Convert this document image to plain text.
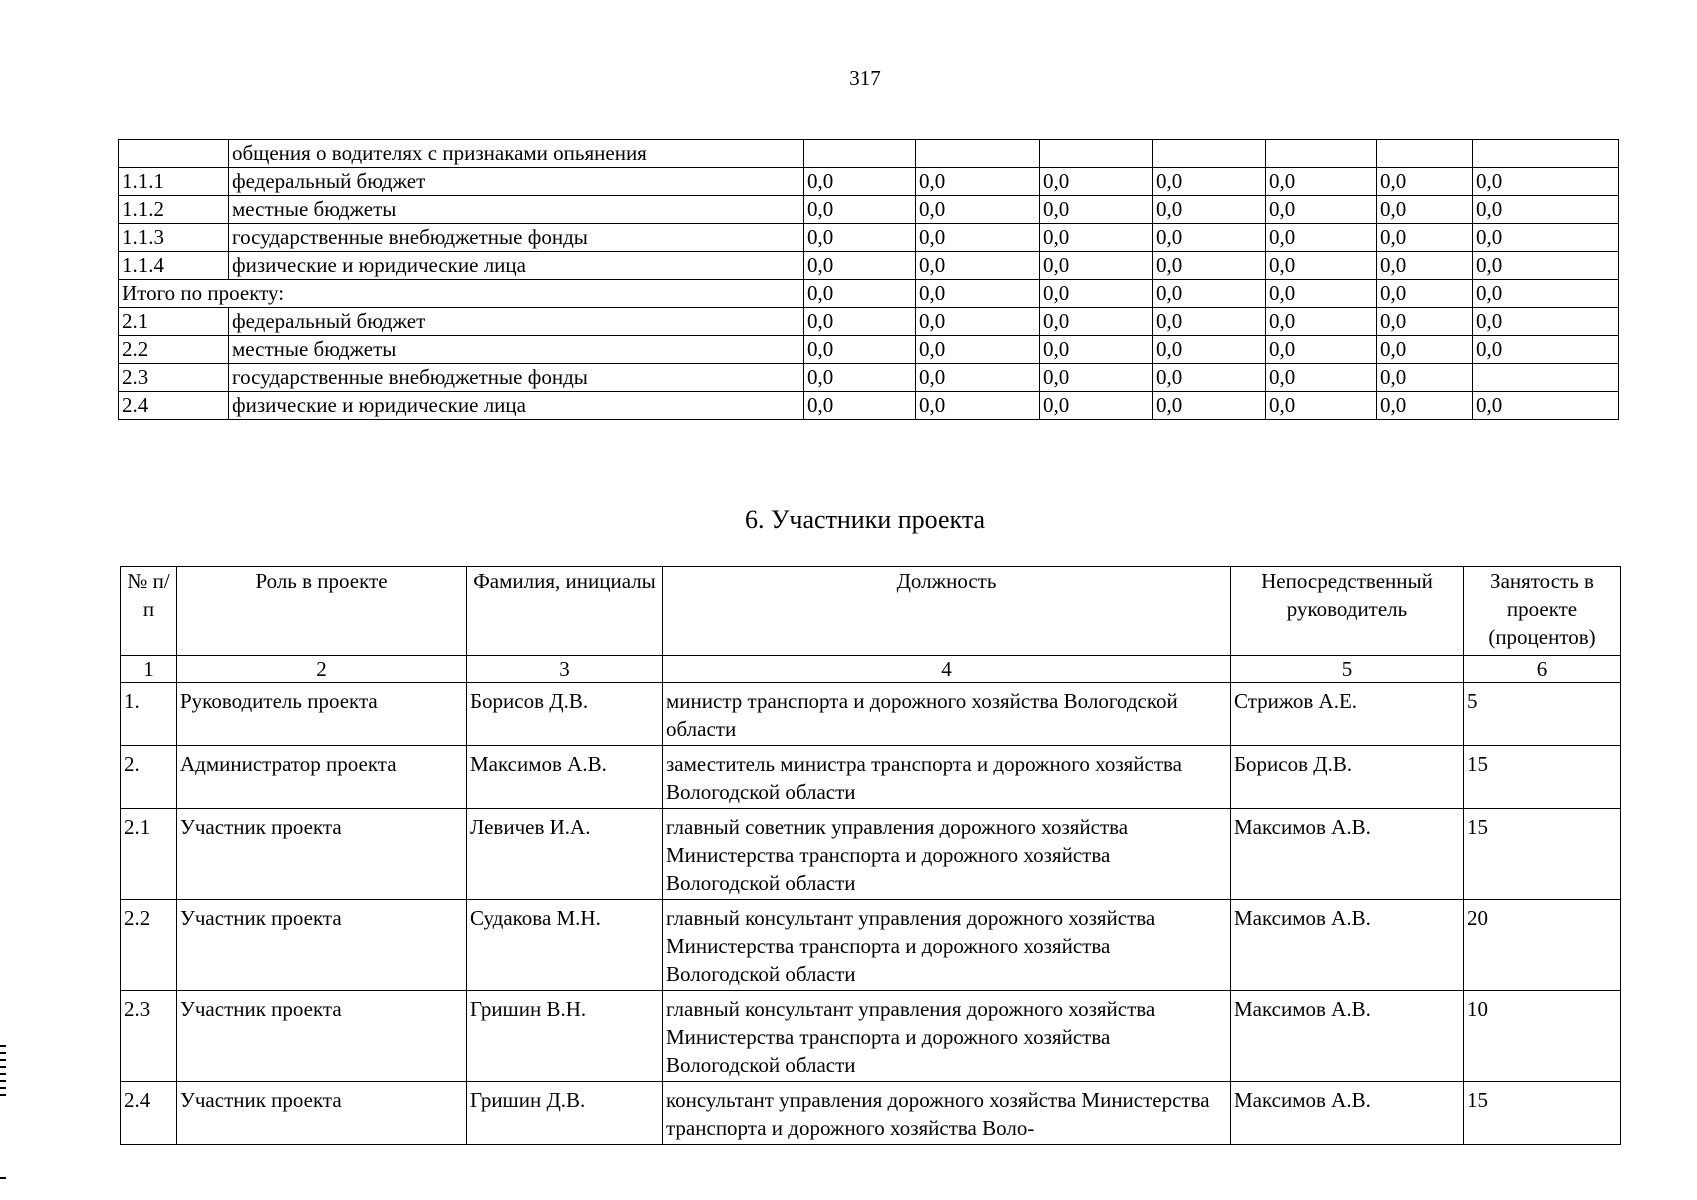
317
	общения о водителях с признаками опьянения							
1.1.1	федеральный бюджет	0,0	0,0	0,0	0,0	0,0	0,0	0,0
1.1.2	местные бюджеты	0,0	0,0	0,0	0,0	0,0	0,0	0,0
1.1.3	государственные внебюджетные фонды	0,0	0,0	0,0	0,0	0,0	0,0	0,0
1.1.4	физические и юридические лица	0,0	0,0	0,0	0,0	0,0	0,0	0,0
Итого по проекту:		0,0	0,0	0,0	0,0	0,0	0,0	0,0
2.1	федеральный бюджет	0,0	0,0	0,0	0,0	0,0	0,0	0,0
2.2	местные бюджеты	0,0	0,0	0,0	0,0	0,0	0,0	0,0
2.3	государственные внебюджетные фонды	0,0	0,0	0,0	0,0	0,0	0,0	
2.4	физические и юридические лица	0,0	0,0	0,0	0,0	0,0	0,0	0,0
6. Участники проекта
№ п/п	Роль в проекте	Фамилия, инициалы	Должность	Непосредственный руководитель	Занятость в проекте (процентов)
1	2	3	4	5	6
1.	Руководитель проекта	Борисов Д.В.	министр транспорта и дорожного хозяйства Вологодской области	Стрижов А.Е.	5
2.	Администратор проекта	Максимов А.В.	заместитель министра транспорта и дорожного хозяйства Вологодской области	Борисов Д.В.	15
2.1	Участник проекта	Левичев И.А.	главный советник управления дорожного хозяйства Министерства транспорта и дорожного хозяйства Вологодской области	Максимов А.В.	15
2.2	Участник проекта	Судакова М.Н.	главный консультант управления дорожного хозяйства Министерства транспорта и дорожного хозяйства Вологодской области	Максимов А.В.	20
2.3	Участник проекта	Гришин В.Н.	главный консультант управления дорожного хозяйства Министерства транспорта и дорожного хозяйства Вологодской области	Максимов А.В.	10
2.4	Участник проекта	Гришин Д.В.	консультант управления дорожного хозяйства Министерства транспорта и дорожного хозяйства Воло-	Максимов А.В.	15
